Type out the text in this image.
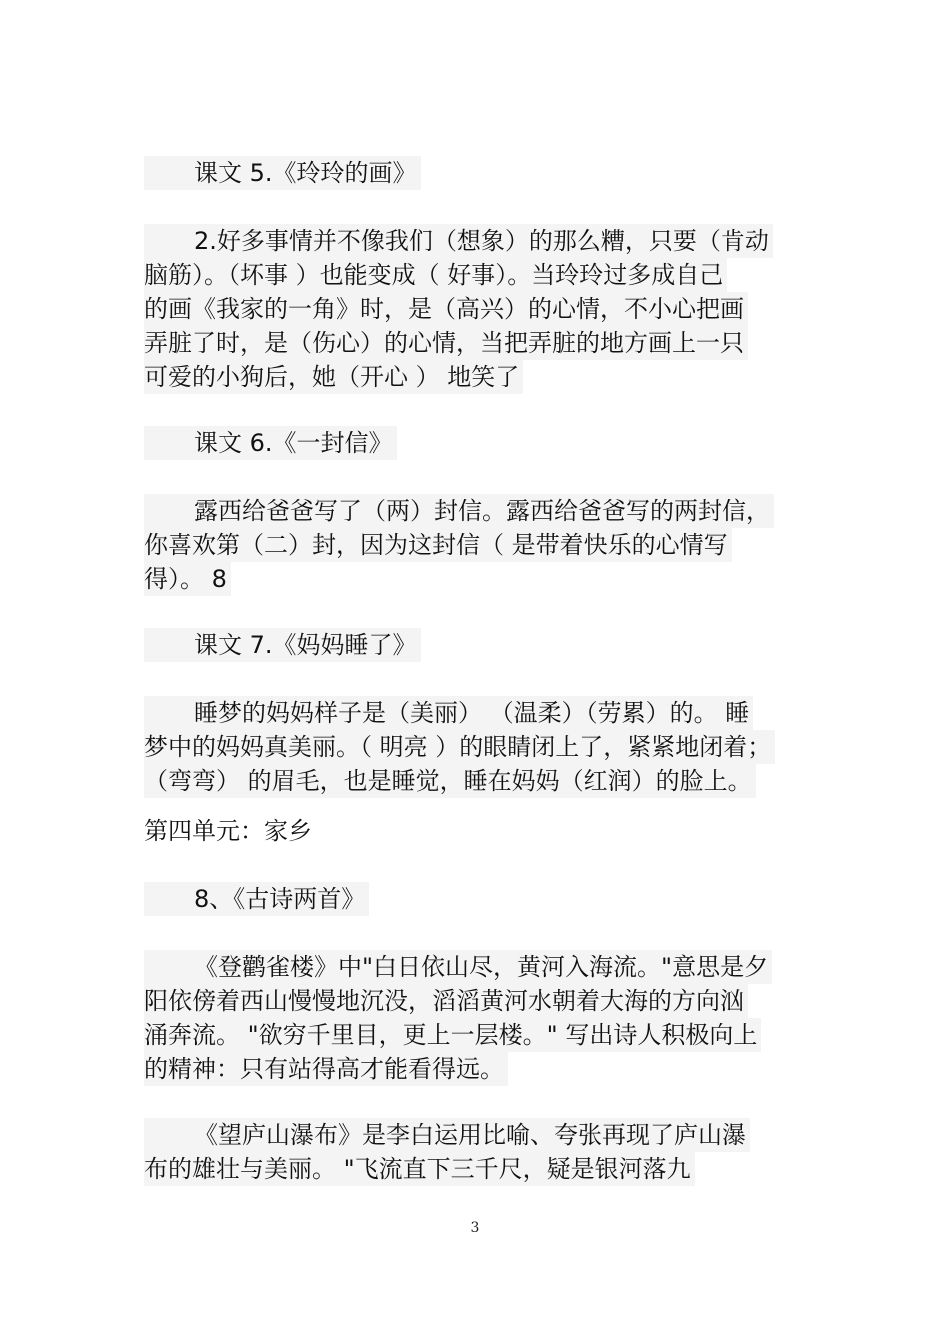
课文 5.《玲玲的画》
2.好多事情并不像我们（想象）的那么糟，只要（肯动
脑筋）。（坏事 ）也能变成（ 好事）。当玲玲过多成自己
的画《我家的一角》时，是（高兴）的心情，不小心把画
弄脏了时，是（伤心）的心情，当把弄脏的地方画上一只
可爱的小狗后，她（开心 ） 地笑了
课文 6.《一封信》
露西给爸爸写了（两）封信。露西给爸爸写的两封信，
你喜欢第（二）封，因为这封信（ 是带着快乐的心情写
得）。 8
课文 7.《妈妈睡了》
睡梦的妈妈样子是（美丽） （温柔）（劳累）的。 睡
梦中的妈妈真美丽。（ 明亮 ）的眼睛闭上了，紧紧地闭着；
（弯弯） 的眉毛，也是睡觉，睡在妈妈（红润）的脸上。
第四单元：家乡
8、《古诗两首》
《登鹳雀楼》中"白日依山尽，黄河入海流。"意思是夕
阳依傍着西山慢慢地沉没，滔滔黄河水朝着大海的方向汹
涌奔流。 "欲穷千里目，更上一层楼。" 写出诗人积极向上
的精神：只有站得高才能看得远。
《望庐山瀑布》是李白运用比喻、夸张再现了庐山瀑
布的雄壮与美丽。 "飞流直下三千尺，疑是银河落九
3
